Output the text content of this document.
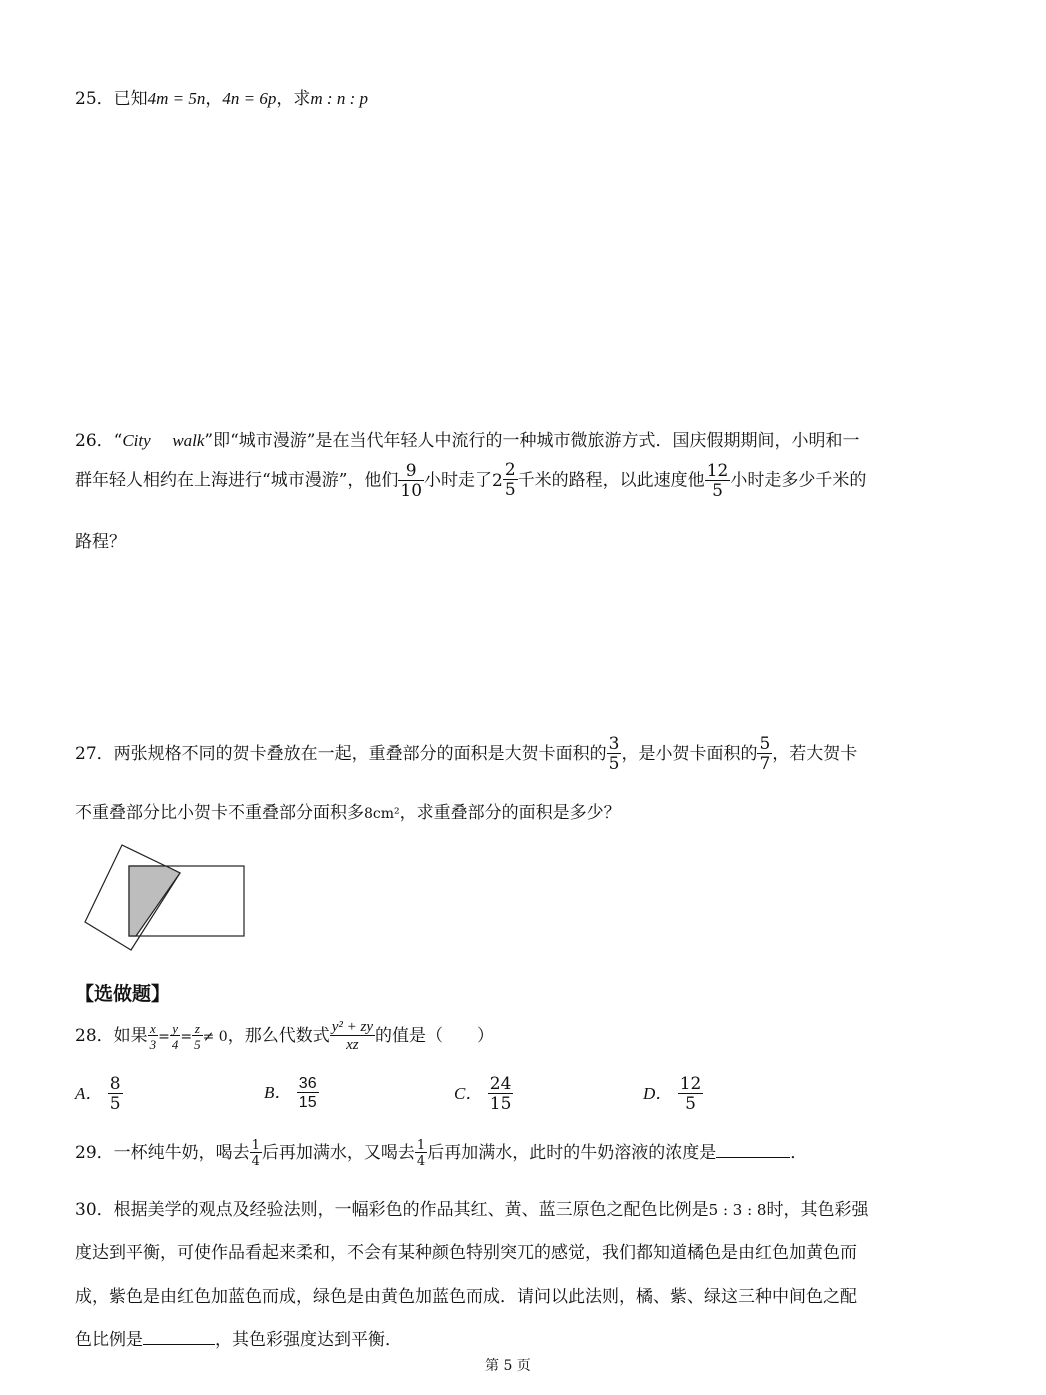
25．已知4m = 5n，4n = 6p，求m : n : p
26．“City walk”即“城市漫游”是在当代年轻人中流行的一种城市微旅游方式．国庆假期期间，小明和一
群年轻人相约在上海进行“城市漫游”，他们 $\frac{9}{10}$ 小时走了 $2 \frac{2}{5}$ 千米的路程，以此速度他 $\frac{12}{5}$ 小时走多少千米的
路程？
27．两张规格不同的贺卡叠放在一起，重叠部分的面积是大贺卡面积的 $\frac{3}{5}$ ，是小贺卡面积的 $\frac{5}{7}$ ，若大贺卡
不重叠部分比小贺卡不重叠部分面积多8cm²，求重叠部分的面积是多少？
【选做题】
28．如果 $\frac{x}{3} = \frac{y}{4} = \frac{z}{5} \ne 0$，那么代数式 $\frac{\text{y² + zy}}{xz}$ 的值是（　　）
A． $\frac{8}{5}$	B． $\frac{36}{15}$	C． $\frac{24}{15}$	D． $\frac{12}{5}$
29．一杯纯牛奶，喝去 $\frac{1}{4}$ 后再加满水，又喝去 $\frac{1}{4}$ 后再加满水，此时的牛奶溶液的浓度是	．
30．根据美学的观点及经验法则，一幅彩色的作品其红、黄、蓝三原色之配色比例是5 : 3 : 8时，其色彩强
度达到平衡，可使作品看起来柔和，不会有某种颜色特别突兀的感觉，我们都知道橘色是由红色加黄色而
成，紫色是由红色加蓝色而成，绿色是由黄色加蓝色而成．请问以此法则，橘、紫、绿这三种中间色之配
色比例是	，其色彩强度达到平衡．
第 5 页
